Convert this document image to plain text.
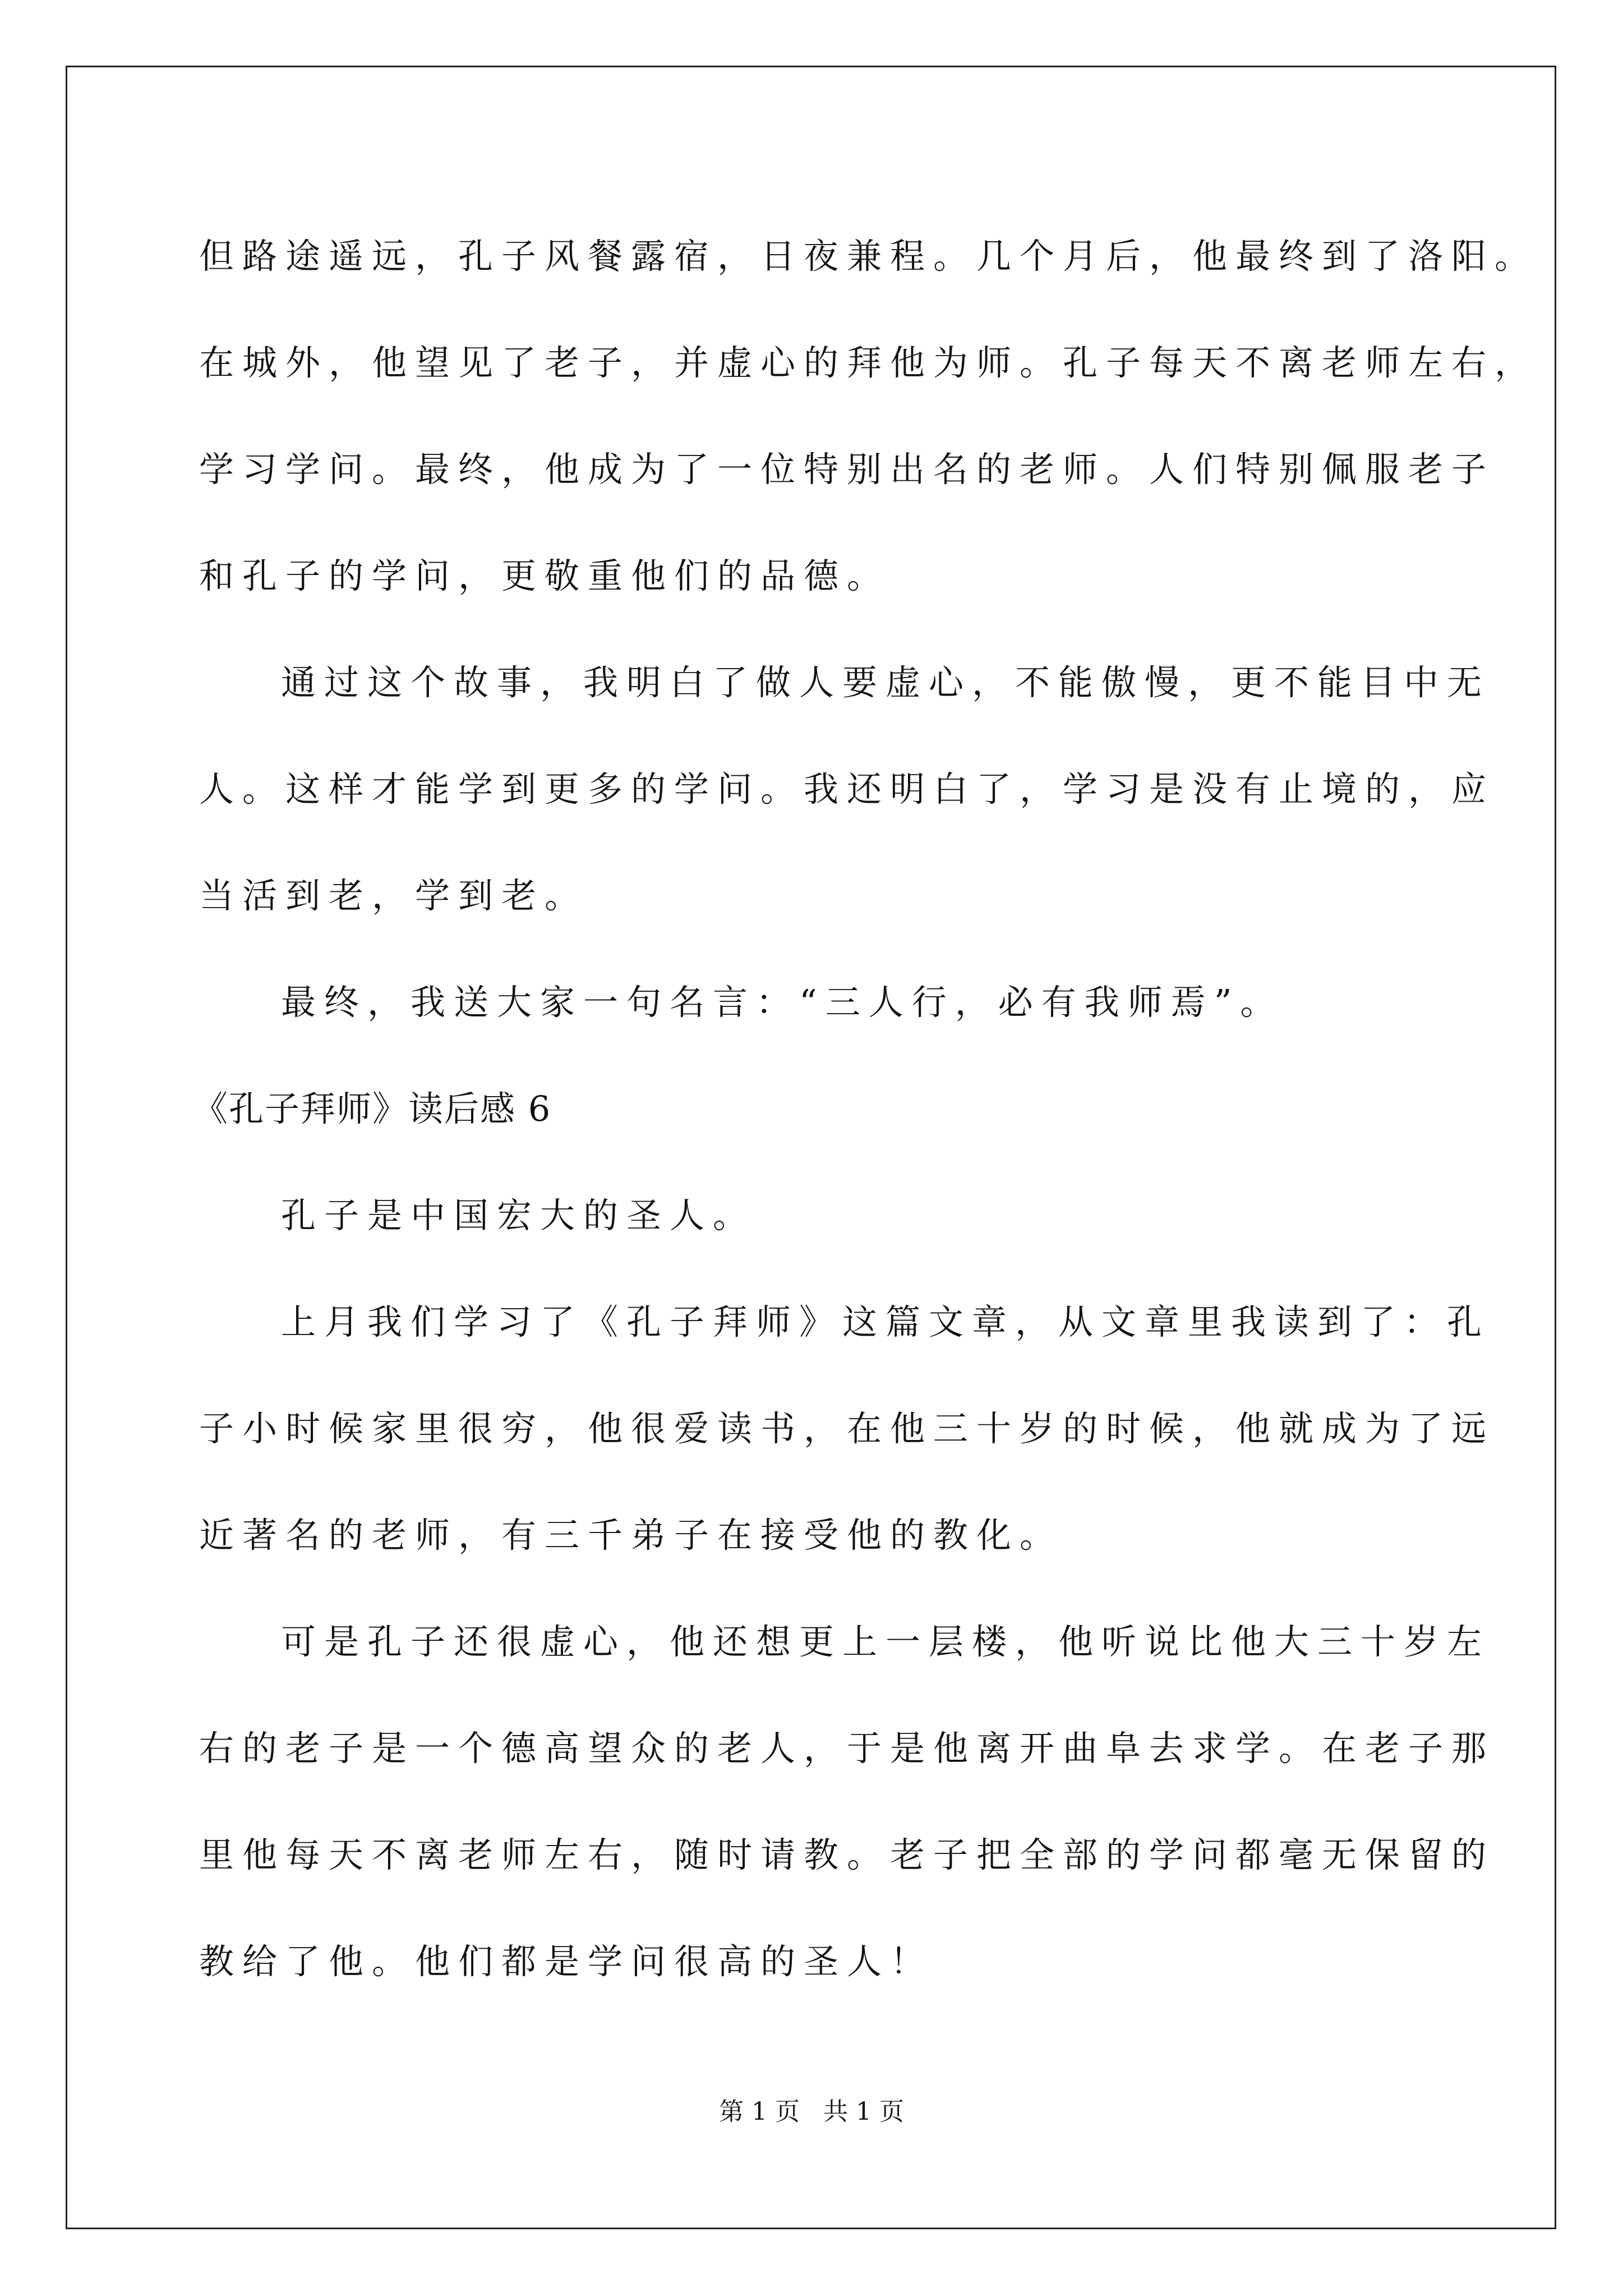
但路途遥远，孔子风餐露宿，日夜兼程。几个月后，他最终到了洛阳。
在城外，他望见了老子，并虚心的拜他为师。孔子每天不离老师左右，
学习学问。最终，他成为了一位特别出名的老师。人们特别佩服老子
和孔子的学问，更敬重他们的品德。
通过这个故事，我明白了做人要虚心，不能傲慢，更不能目中无
人。这样才能学到更多的学问。我还明白了，学习是没有止境的，应
当活到老，学到老。
最终，我送大家一句名言：“三人行，必有我师焉”。
《孔子拜师》读后感 6
孔子是中国宏大的圣人。
上月我们学习了《孔子拜师》这篇文章，从文章里我读到了：孔
子小时候家里很穷，他很爱读书，在他三十岁的时候，他就成为了远
近著名的老师，有三千弟子在接受他的教化。
可是孔子还很虚心，他还想更上一层楼，他听说比他大三十岁左
右的老子是一个德高望众的老人，于是他离开曲阜去求学。在老子那
里他每天不离老师左右，随时请教。老子把全部的学问都毫无保留的
教给了他。他们都是学问很高的圣人！
第 1 页   共 1 页
